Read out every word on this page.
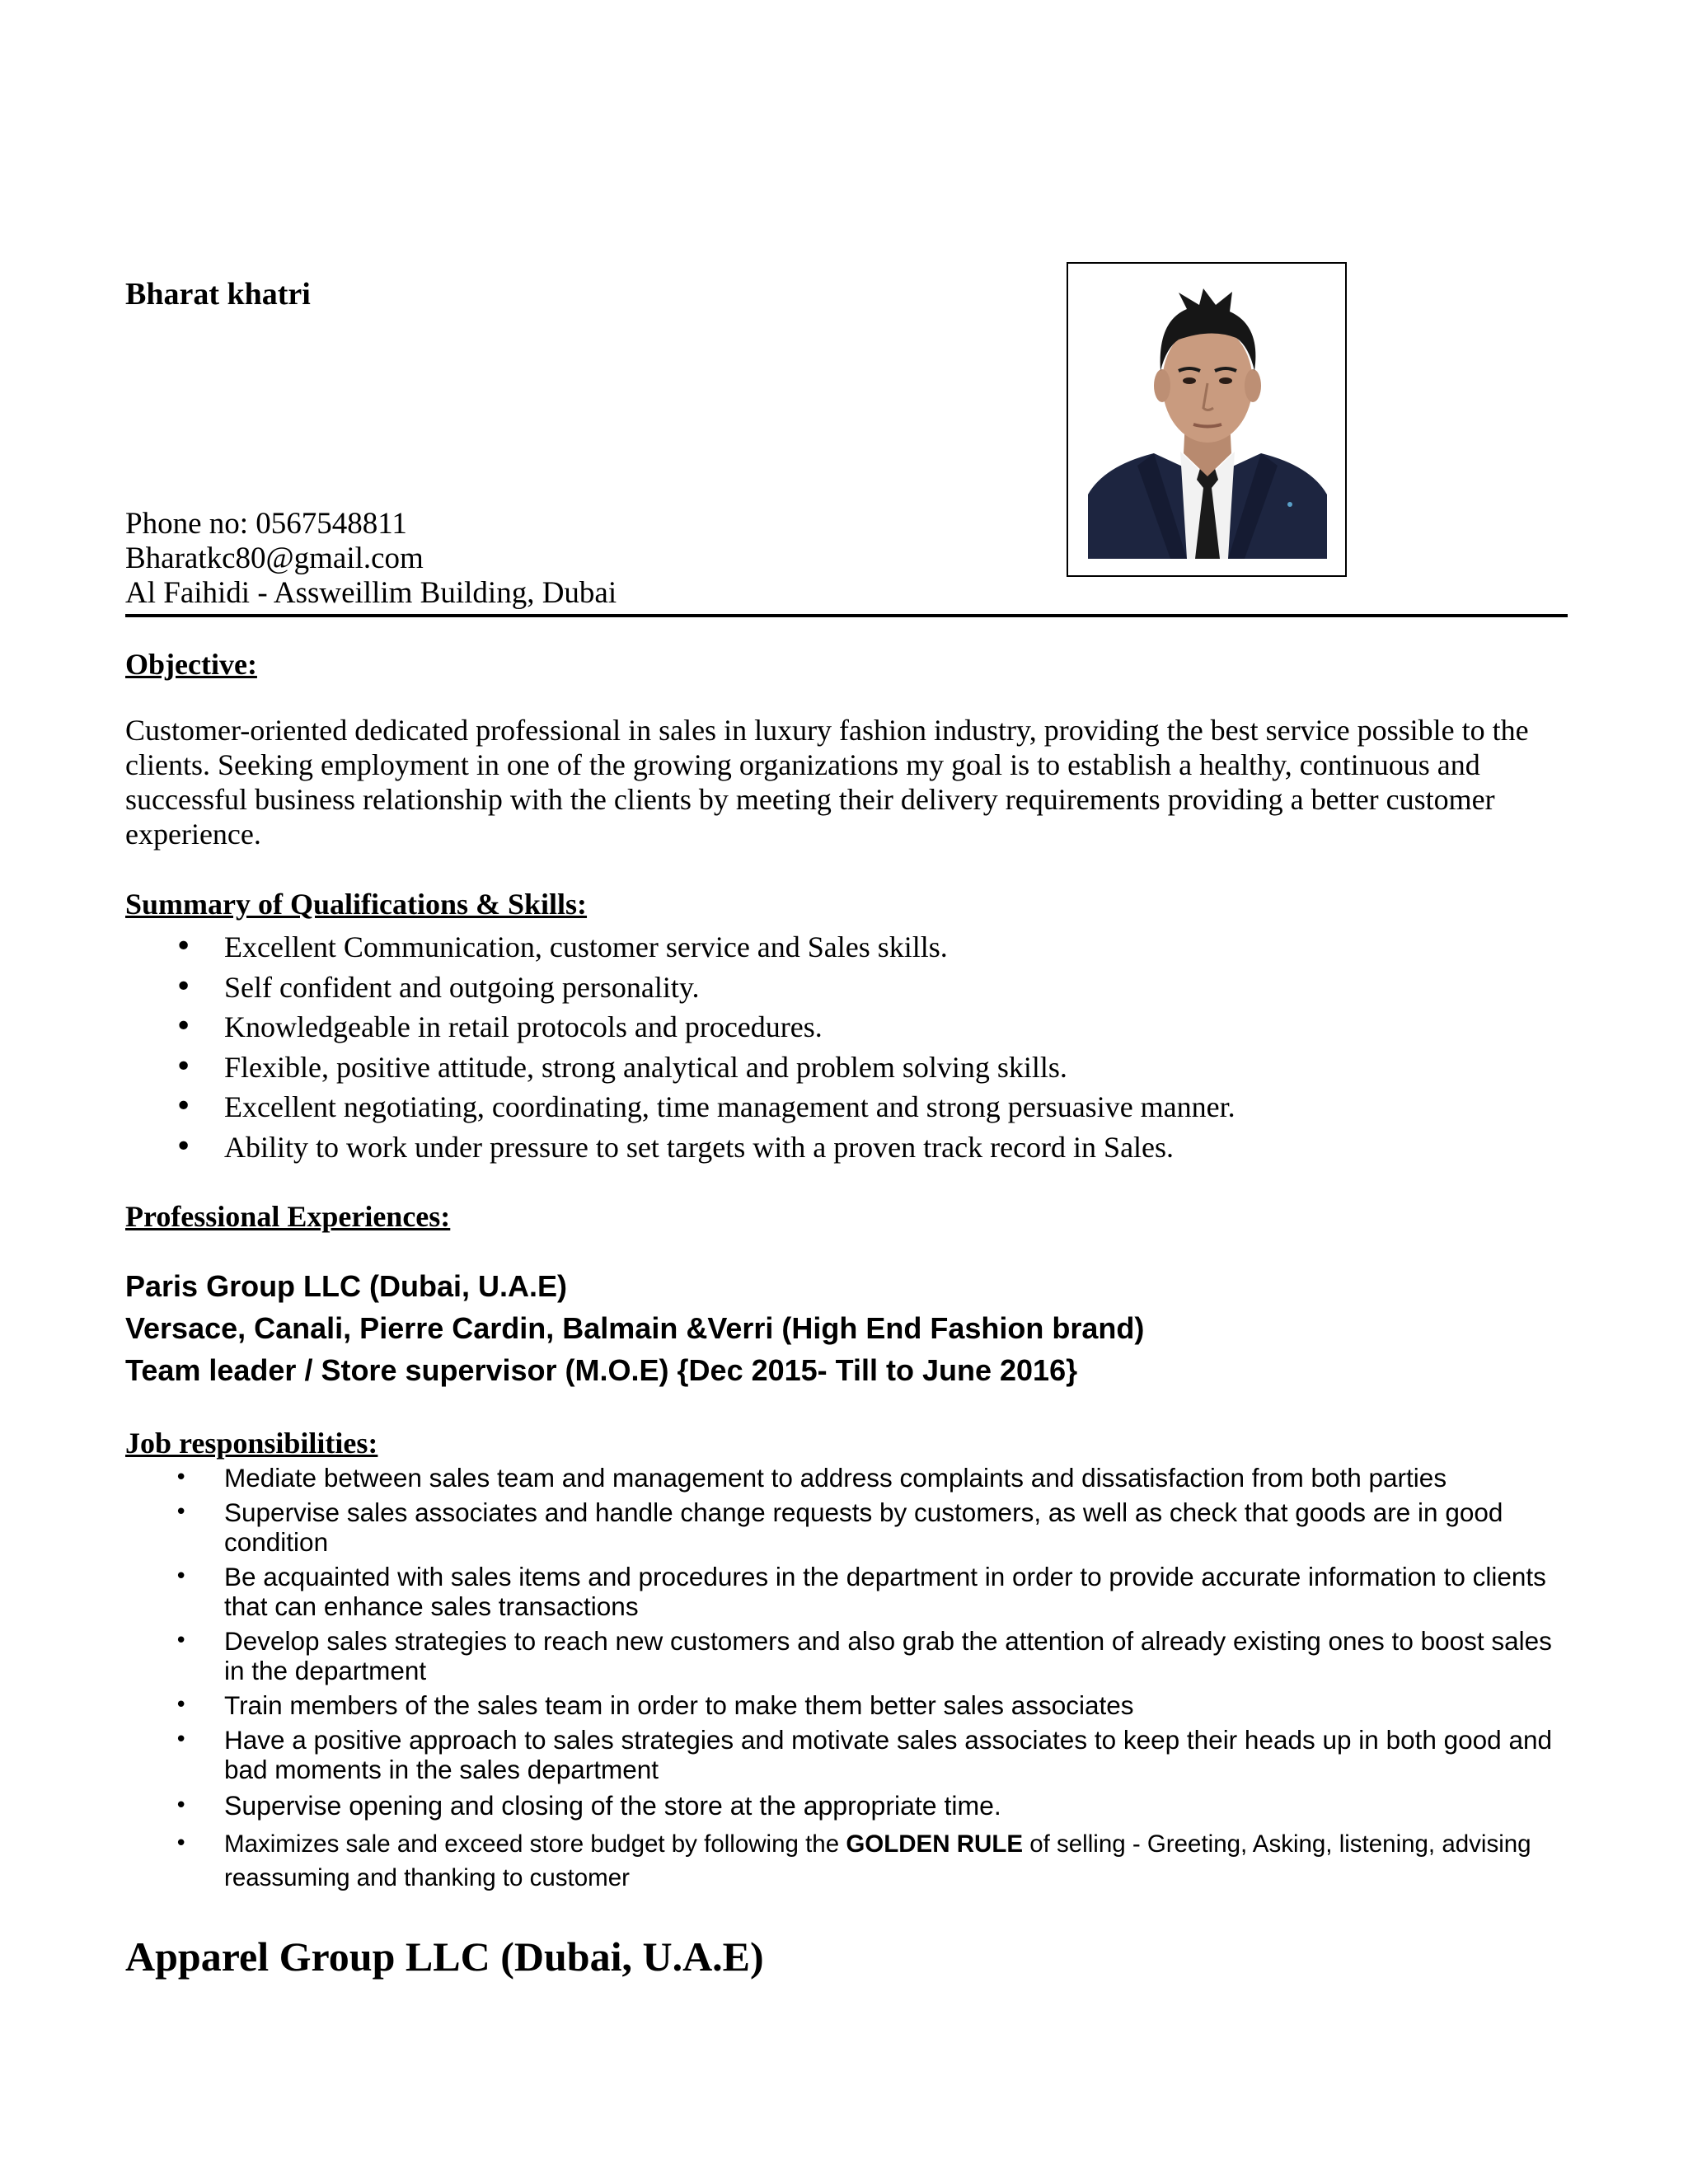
Bharat khatri
Phone no: 0567548811
Bharatkc80@gmail.com
Al Faihidi - Assweillim Building, Dubai
Objective:
Customer-oriented dedicated professional in sales in luxury fashion industry, providing the best service possible to the clients. Seeking employment in one of the growing organizations my goal is to establish a healthy, continuous and successful business relationship with the clients by meeting their delivery requirements providing a better customer experience.
Summary of Qualifications & Skills:
• Excellent Communication, customer service and Sales skills.
• Self confident and outgoing personality.
• Knowledgeable in retail protocols and procedures.
• Flexible, positive attitude, strong analytical and problem solving skills.
• Excellent negotiating, coordinating, time management and strong persuasive manner.
• Ability to work under pressure to set targets with a proven track record in Sales.
Professional Experiences:
Paris Group LLC (Dubai, U.A.E)
Versace, Canali, Pierre Cardin, Balmain &Verri (High End Fashion brand)
Team leader / Store supervisor (M.O.E) {Dec 2015- Till to June 2016}
Job responsibilities:
• Mediate between sales team and management to address complaints and dissatisfaction from both parties
• Supervise sales associates and handle change requests by customers, as well as check that goods are in good condition
• Be acquainted with sales items and procedures in the department in order to provide accurate information to clients that can enhance sales transactions
• Develop sales strategies to reach new customers and also grab the attention of already existing ones to boost sales in the department
• Train members of the sales team in order to make them better sales associates
• Have a positive approach to sales strategies and motivate sales associates to keep their heads up in both good and bad moments in the sales department
• Supervise opening and closing of the store at the appropriate time.
• Maximizes sale and exceed store budget by following the GOLDEN RULE of selling - Greeting, Asking, listening, advising reassuming and thanking to customer
Apparel Group LLC (Dubai, U.A.E)
